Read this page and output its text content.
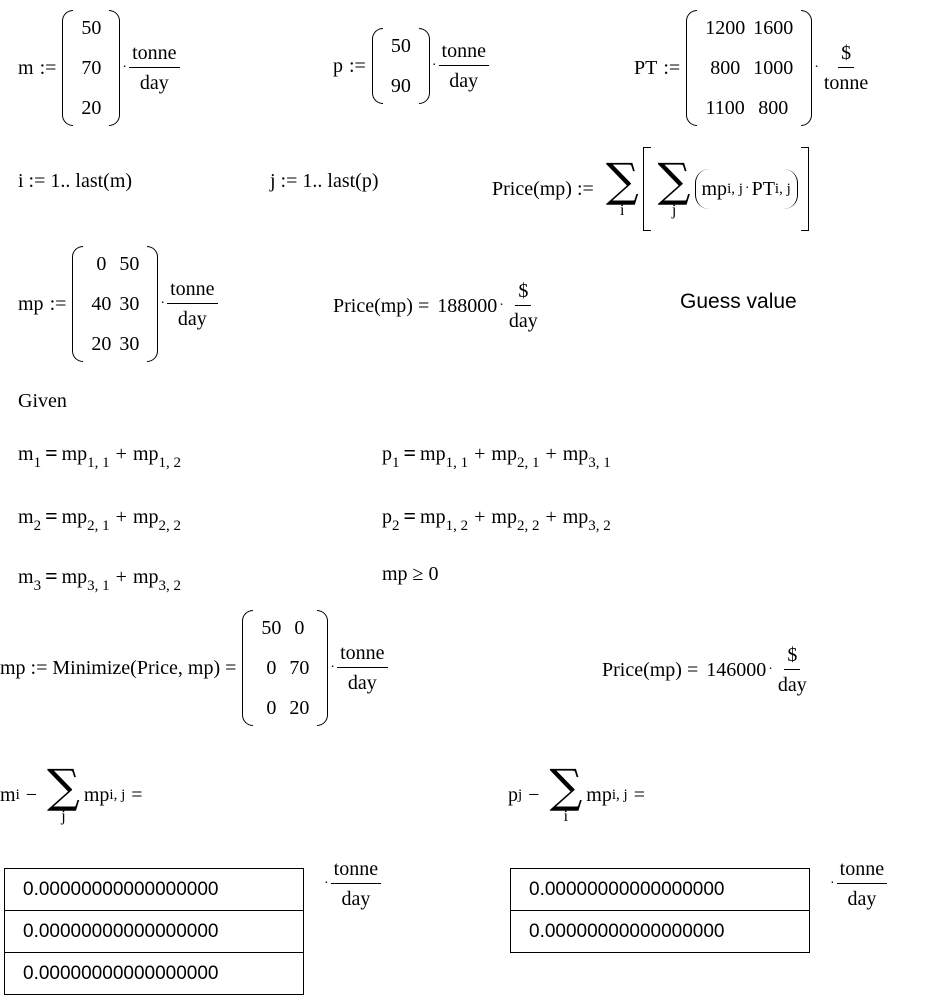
m :=
50
70
20
· $\frac{\text{tonne}}{\text{day}}$	p :=
50
90
· $\frac{\text{tonne}}{\text{day}}$	PT :=
1200 1600
800 1000
1100 800
· $\frac{\$}{\text{tonne}}$
i := 1.. last(m)	j := 1.. last(p)	Price(mp) := ∑
i
∑
j
mp i, j · PT i, j
mp :=
0 50
40 30
20 30
· $\frac{\text{tonne}}{\text{day}}$	Price(mp) = $188000 \cdot \frac{\$}{\text{day}}$	Guess value
Given
$m_1 = mp_{1, 1} + mp_{1, 2}$
$m_2 = mp_{2, 1} + mp_{2, 2}$
$m_3 = mp_{3, 1} + mp_{3, 2}$
$p_1 = mp_{1, 1} + mp_{2, 1} + mp_{3, 1}$
$p_2 = mp_{1, 2} + mp_{2, 2} + mp_{3, 2}$
mp ≥ 0
mp := Minimize(Price, mp) =
50 0
0 70
0 20
· $\frac{\text{tonne}}{\text{day}}$	Price(mp) = $146000 \cdot \frac{\$}{\text{day}}$
m i − ∑
j
mp i, j =	p j − ∑
i
mp i, j =
0.00000000000000000
0.00000000000000000
0.00000000000000000
· $\frac{\text{tonne}}{\text{day}}$	0.00000000000000000
0.00000000000000000
· $\frac{\text{tonne}}{\text{day}}$
